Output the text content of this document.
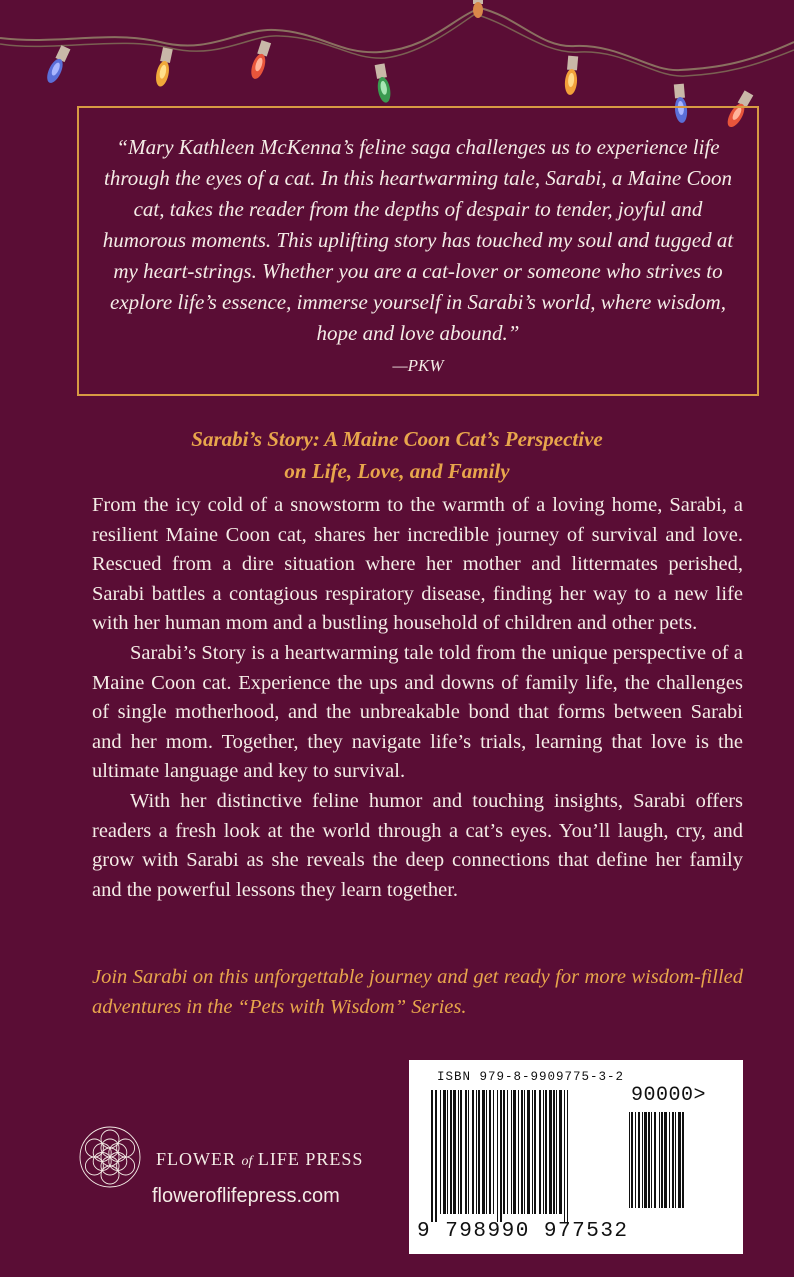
“Mary Kathleen McKenna’s feline saga challenges us to experience life through the eyes of a cat. In this heartwarming tale, Sarabi, a Maine Coon cat, takes the reader from the depths of despair to tender, joyful and humorous moments. This uplifting story has touched my soul and tugged at my heart-strings. Whether you are a cat-lover or someone who strives to explore life’s essence, immerse yourself in Sarabi’s world, where wisdom, hope and love abound.”

—PKW
Sarabi’s Story: A Maine Coon Cat’s Perspective
on Life, Love, and Family

From the icy cold of a snowstorm to the warmth of a loving home, Sarabi, a resilient Maine Coon cat, shares her incredible journey of survival and love. Rescued from a dire situation where her mother and littermates perished, Sarabi battles a contagious respiratory disease, finding her way to a new life with her human mom and a bustling household of children and other pets.

Sarabi’s Story is a heartwarming tale told from the unique perspective of a Maine Coon cat. Experience the ups and downs of family life, the challenges of single motherhood, and the unbreakable bond that forms between Sarabi and her mom. Together, they navigate life’s trials, learning that love is the ultimate language and key to survival.

With her distinctive feline humor and touching insights, Sarabi offers readers a fresh look at the world through a cat’s eyes. You’ll laugh, cry, and grow with Sarabi as she reveals the deep connections that define her family and the powerful lessons they learn together.

Join Sarabi on this unforgettable journey and get ready for more wisdom-filled adventures in the “Pets with Wisdom” Series.

FLOWER of LIFE PRESS
floweroflifepress.com
ISBN 979-8-9909775-3-2
90000>
9 798990 977532
